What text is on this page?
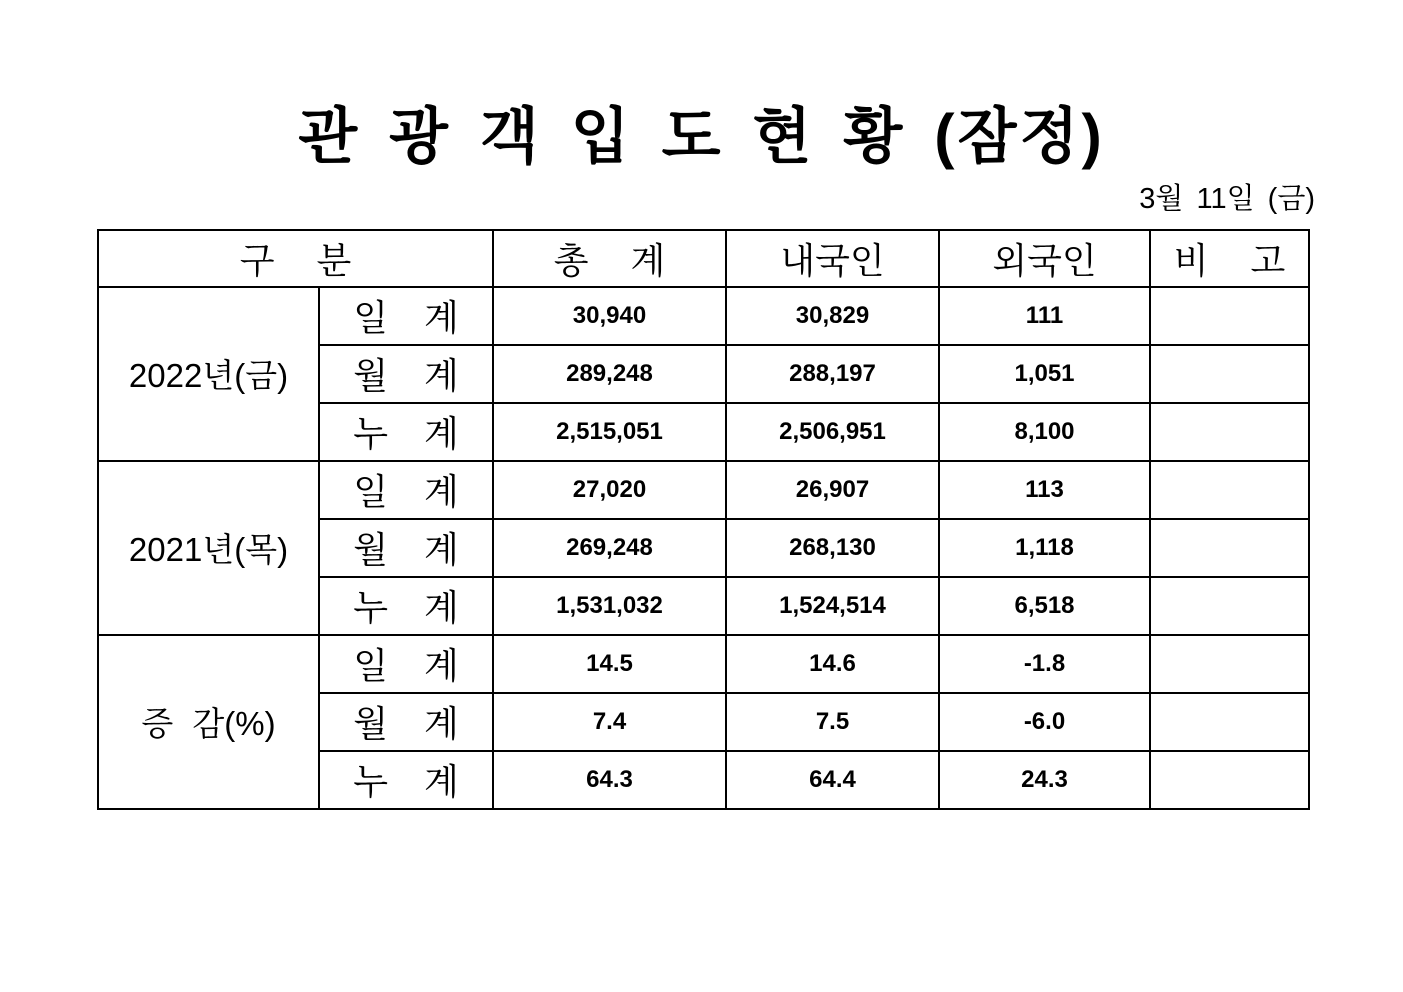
관 광 객 입 도 현 황 (잠정)
3월 11일 (금)
구 분		총 계	내국인	외국인	비 고
2022년(금)	일 계	30,940	30,829	111	
	월 계	289,248	288,197	1,051	
	누 계	2,515,051	2,506,951	8,100	
2021년(목)	일 계	27,020	26,907	113	
	월 계	269,248	268,130	1,118	
	누 계	1,531,032	1,524,514	6,518	
증 감(%)	일 계	14.5	14.6	-1.8	
	월 계	7.4	7.5	-6.0	
	누 계	64.3	64.4	24.3	
